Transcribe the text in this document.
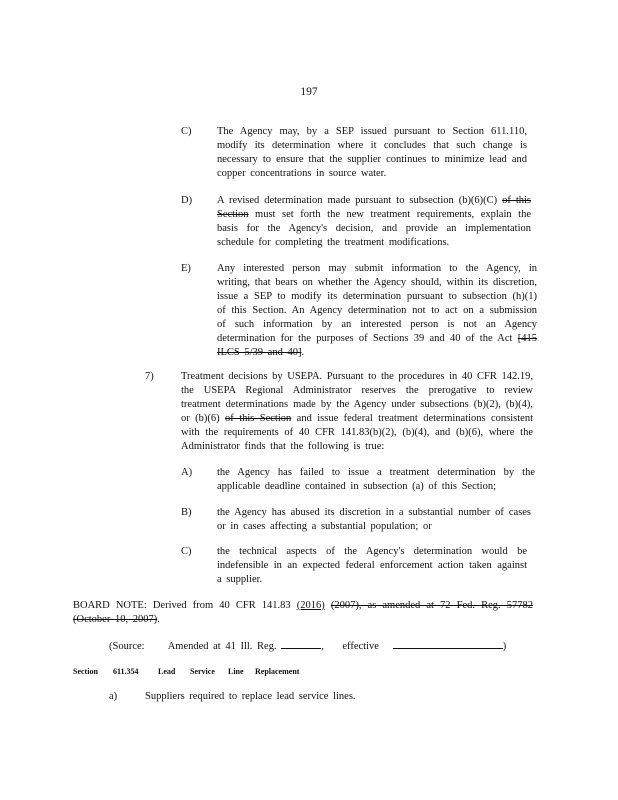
197
C) The Agency may, by a SEP issued pursuant to Section 611.110, modify its determination where it concludes that such change is necessary to ensure that the supplier continues to minimize lead and copper concentrations in source water.
D) A revised determination made pursuant to subsection (b)(6)(C) of this Section must set forth the new treatment requirements, explain the basis for the Agency's decision, and provide an implementation schedule for completing the treatment modifications.
E) Any interested person may submit information to the Agency, in writing, that bears on whether the Agency should, within its discretion, issue a SEP to modify its determination pursuant to subsection (h)(1) of this Section. An Agency determination not to act on a submission of such information by an interested person is not an Agency determination for the purposes of Sections 39 and 40 of the Act [415 ILCS 5/39 and 40].
7)	Treatment decisions by USEPA. Pursuant to the procedures in 40 CFR 142.19, the USEPA Regional Administrator reserves the prerogative to review treatment determinations made by the Agency under subsections (b)(2), (b)(4), or (b)(6) of this Section and issue federal treatment determinations consistent with the requirements of 40 CFR 141.83(b)(2), (b)(4), and (b)(6), where the Administrator finds that the following is true:
A) the Agency has failed to issue a treatment determination by the applicable deadline contained in subsection (a) of this Section;
B) the Agency has abused its discretion in a substantial number of cases or in cases affecting a substantial population; or
C) the technical aspects of the Agency's determination would be indefensible in an expected federal enforcement action taken against a supplier.
BOARD NOTE: Derived from 40 CFR 141.83 (2016) (2007), as amended at 72 Fed. Reg. 57782 (October 10, 2007).
(Source: Amended at 41 Ill. Reg.	, effective	)
Section 611.354 Lead Service Line Replacement
a)	Suppliers required to replace lead service lines.
